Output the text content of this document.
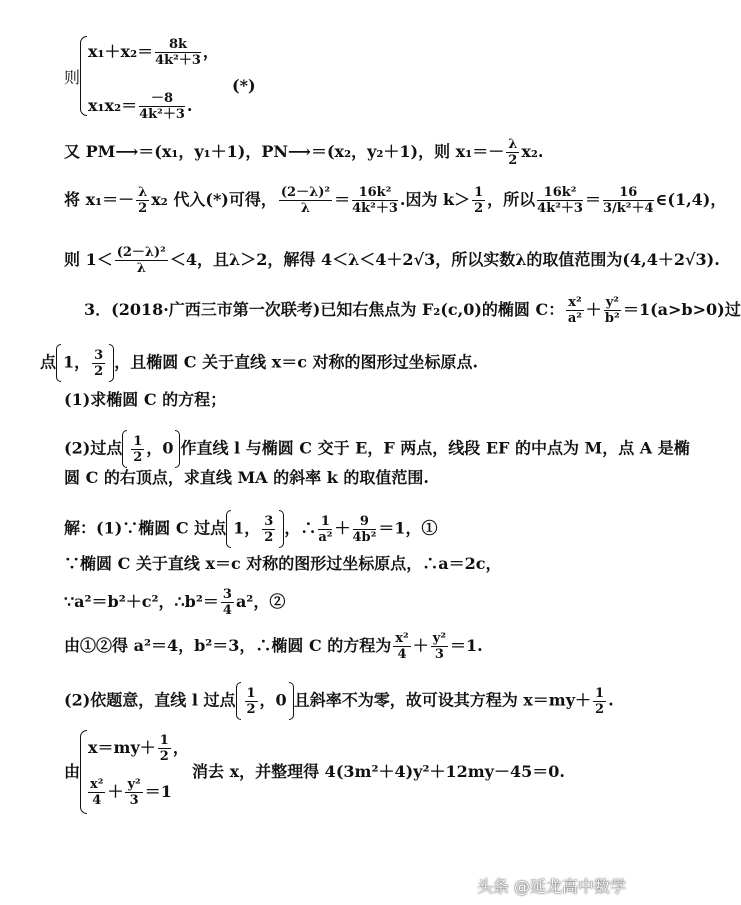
则
$x_1+x_2= \frac{8k}{\text{4k²＋3}}$ ，
$x_1x_2= \frac{-8}{\text{4k²＋3}}$ .
(*)
又 PM⟶＝(x₁，y₁＋1)，PN⟶＝(x₂，y₂＋1)，则 $x_1=- \frac{\lambda}{2} x_2$.
将 $x_1=- \frac{\lambda}{2} x_2$ 代入(*)可得， $\frac{\text{(2－λ)²}}{\lambda} = \frac{\text{16k²}}{\text{4k²＋3}}$ .因为 $k> \frac{1}{2}$ ，所以 $\frac{\text{16k²}}{\text{4k²＋3}} = \frac{16}{\text{3/k²＋4}}$ ∈(1,4)，
则 $1< \frac{\text{(2－λ)²}}{\lambda} <4$，且λ＞2，解得 4＜λ＜4＋2√3，所以实数λ的取值范围为(4,4＋2√3).
3．(2018·广西三市第一次联考)已知右焦点为 F₂(c,0)的椭圆 C： $\frac{\text{x²}}{\text{a²}} + \frac{\text{y²}}{\text{b²}} =1(a>b>0)$过
点 1， $\frac{3}{2}$ ，且椭圆 C 关于直线 x＝c 对称的图形过坐标原点.
(1)求椭圆 C 的方程；
(2)过点 $\frac{1}{2}$ ，0 作直线 l 与椭圆 C 交于 E，F 两点，线段 EF 的中点为 M，点 A 是椭
圆 C 的右顶点，求直线 MA 的斜率 k 的取值范围.
解：(1)∵椭圆 C 过点 1， $\frac{3}{2}$ ，∴ $\frac{1}{\text{a²}} + \frac{9}{\text{4b²}} =1$，①
∵椭圆 C 关于直线 x＝c 对称的图形过坐标原点，∴a＝2c，
∵a²＝b²＋c²，∴b²＝ $\frac{3}{4} a^2$，②
由①②得 a²＝4，b²＝3，∴椭圆 C 的方程为 $\frac{\text{x²}}{4} + \frac{\text{y²}}{3} =1$.
(2)依题意，直线 l 过点 $\frac{1}{2}$ ，0 且斜率不为零，故可设其方程为 $x=my+ \frac{1}{2}$ .
由
$x=my+ \frac{1}{2}$ ，
$\frac{\text{x²}}{4} + \frac{\text{y²}}{3} =1$
消去 x，并整理得 4(3m²＋4)y²＋12my－45＝0.
头条 @延龙高中数学
